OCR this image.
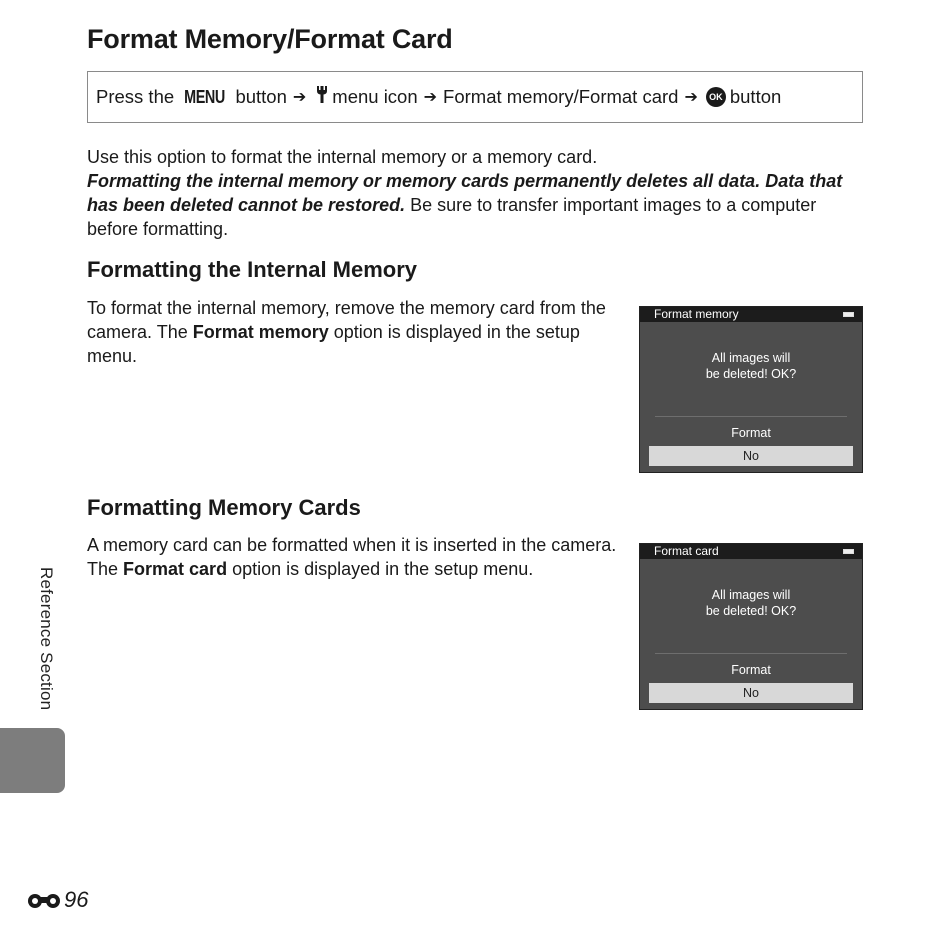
Format Memory/Format Card
Press the
MENU
button ➔ menu icon ➔ Format memory/Format card ➔	OK button

Use this option to format the internal memory or a memory card.

Formatting the internal memory or memory cards permanently deletes all data. Data that has been deleted cannot be restored. Be sure to transfer important images to a computer before formatting.

Formatting the Internal Memory

To format the internal memory, remove the memory card from the camera. The Format memory option is displayed in the setup menu.

Format memory
All images will
be deleted! OK?
Format
No
Formatting Memory Cards

A memory card can be formatted when it is inserted in the camera. The Format card option is displayed in the setup menu.

Format card
All images will
be deleted! OK?
Format
No
Reference Section
96
